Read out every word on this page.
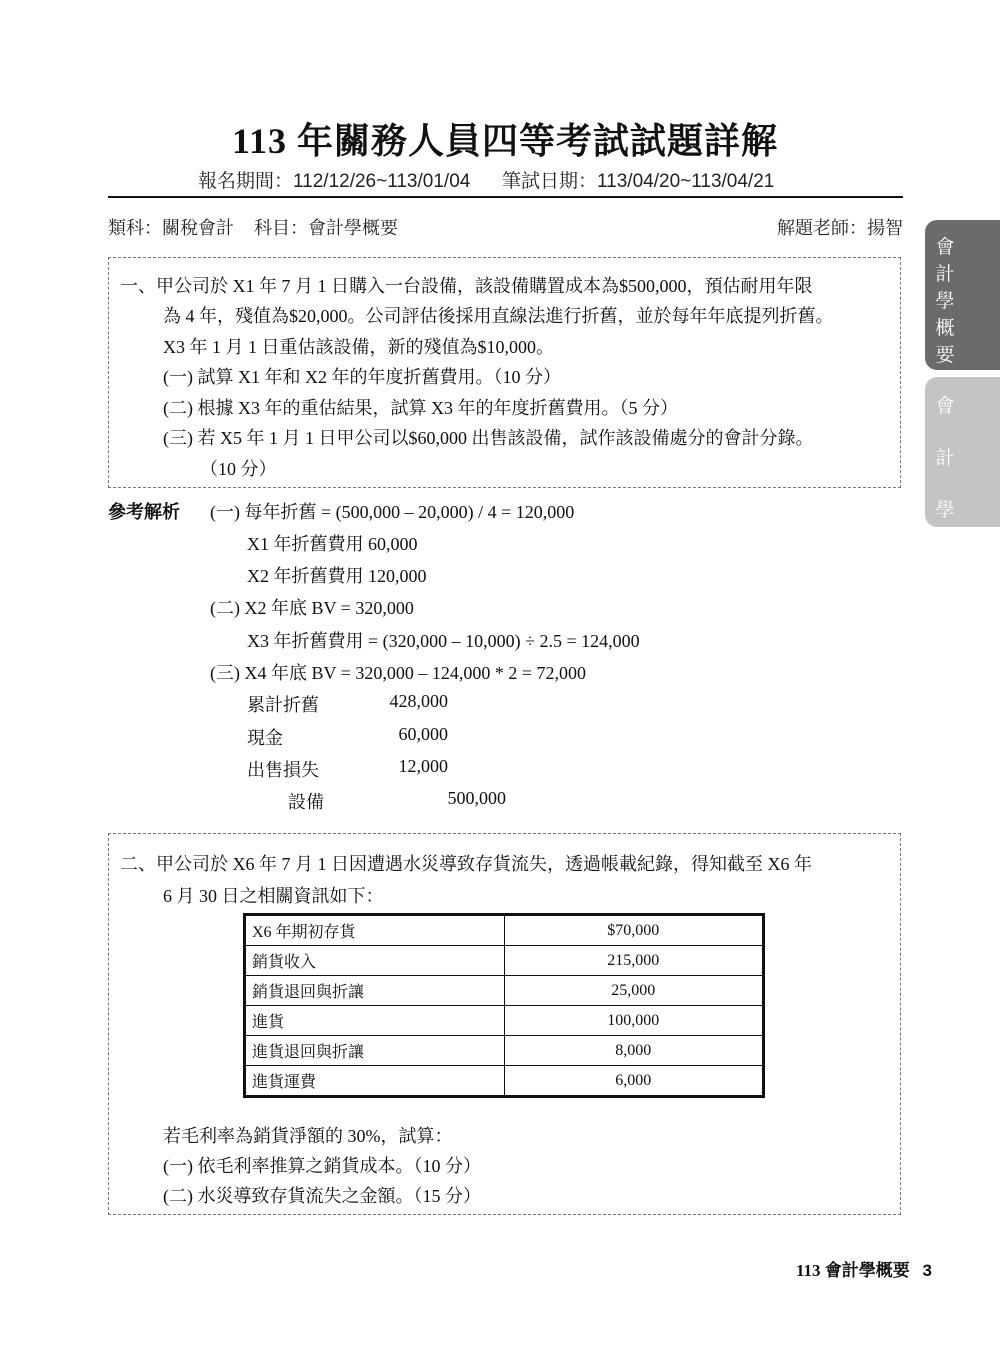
113 年關務人員四等考試試題詳解
報名期間：112/12/26~113/01/04 筆試日期：113/04/20~113/04/21
類科：關稅會計 科目：會計學概要	解題老師：揚智
會
計
學
概
要
會
計
學
一、甲公司於 X1 年 7 月 1 日購入一台設備，該設備購置成本為$500,000，預估耐用年限
為 4 年，殘值為$20,000。公司評估後採用直線法進行折舊，並於每年年底提列折舊。
X3 年 1 月 1 日重估該設備，新的殘值為$10,000。
(一) 試算 X1 年和 X2 年的年度折舊費用。（10 分）
(二) 根據 X3 年的重估結果，試算 X3 年的年度折舊費用。（5 分）
(三) 若 X5 年 1 月 1 日甲公司以$60,000 出售該設備，試作該設備處分的會計分錄。
（10 分）
參考解析 (一) 每年折舊 = (500,000 – 20,000) / 4 = 120,000
X1 年折舊費用 60,000
X2 年折舊費用 120,000
(二) X2 年底 BV = 320,000
X3 年折舊費用 = (320,000 – 10,000) ÷ 2.5 = 124,000
(三) X4 年底 BV = 320,000 – 124,000 * 2 = 72,000
累計折舊	428,000
現金	60,000
出售損失	12,000
設備	500,000
二、甲公司於 X6 年 7 月 1 日因遭遇水災導致存貨流失，透過帳載紀錄，得知截至 X6 年
6 月 30 日之相關資訊如下：
X6 年期初存貨	$70,000
銷貨收入	215,000
銷貨退回與折讓	25,000
進貨	100,000
進貨退回與折讓	8,000
進貨運費	6,000
若毛利率為銷貨淨額的 30%，試算：
(一) 依毛利率推算之銷貨成本。（10 分）
(二) 水災導致存貨流失之金額。（15 分）
113 會計學概要 3
